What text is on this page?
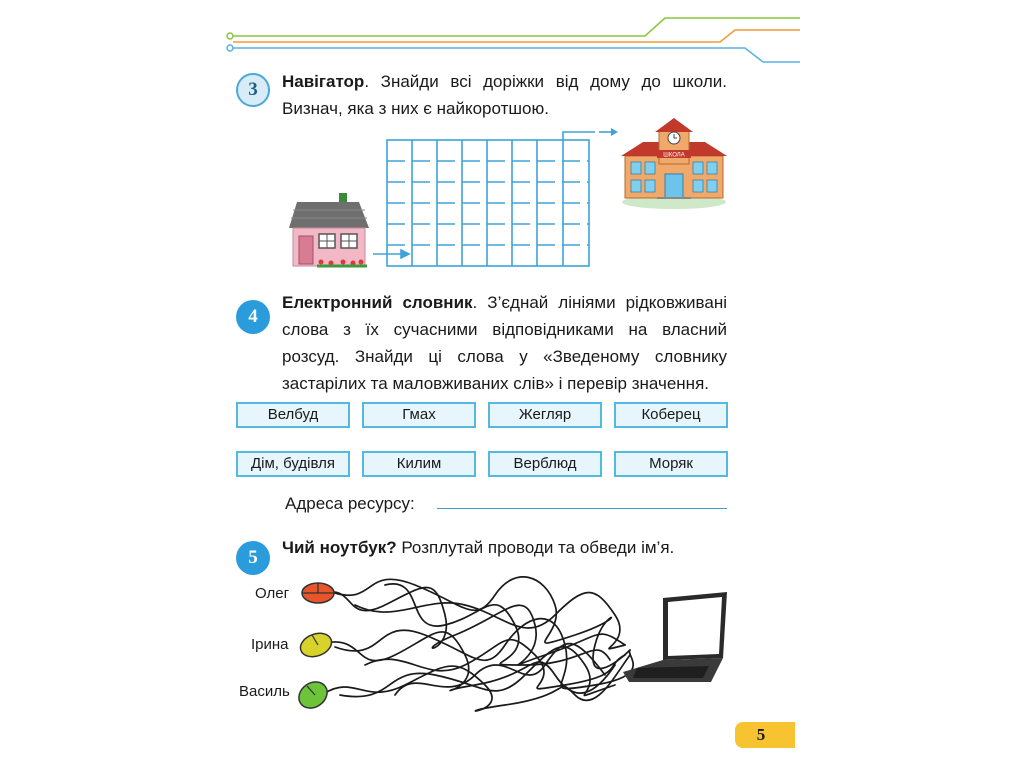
3	Навігатор. Знайди всі доріжки від дому до школи. Визнач, яка з них є найкоротшою.
ШКОЛА
4
Електронний словник. З’єднай лініями рідковживані слова з їх сучасними відповідниками на власний розсуд. Знайди ці слова у «Зведеному словнику застарілих та маловживаних слів» і перевір значення.
Велбуд	Гмах	Жегляр	Коберец
Дім, будівля	Килим	Верблюд	Моряк
Адреса ресурсу:
5	Чий ноутбук? Розплутай проводи та обведи ім’я.
Олег
Ірина
Василь
5
